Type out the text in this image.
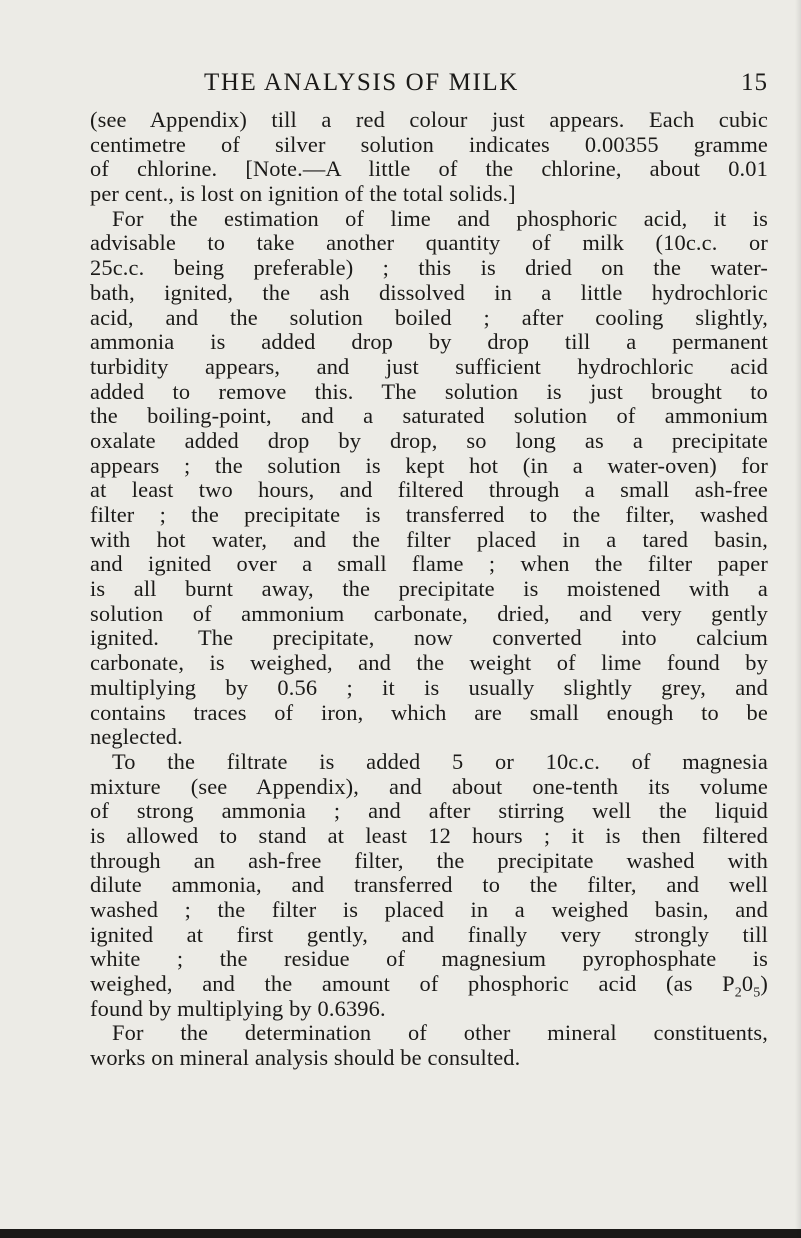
THE ANALYSIS OF MILK	15
(see Appendix) till a red colour just appears. Each cubic
centimetre of silver solution indicates 0.00355 gramme
of chlorine. [Note.—A little of the chlorine, about 0.01
per cent., is lost on ignition of the total solids.]
For the estimation of lime and phosphoric acid, it is
advisable to take another quantity of milk (10c.c. or
25c.c. being preferable) ; this is dried on the water-
bath, ignited, the ash dissolved in a little hydrochloric
acid, and the solution boiled ; after cooling slightly,
ammonia is added drop by drop till a permanent
turbidity appears, and just sufficient hydrochloric acid
added to remove this. The solution is just brought to
the boiling-point, and a saturated solution of ammonium
oxalate added drop by drop, so long as a precipitate
appears ; the solution is kept hot (in a water-oven) for
at least two hours, and filtered through a small ash-free
filter ; the precipitate is transferred to the filter, washed
with hot water, and the filter placed in a tared basin,
and ignited over a small flame ; when the filter paper
is all burnt away, the precipitate is moistened with a
solution of ammonium carbonate, dried, and very gently
ignited. The precipitate, now converted into calcium
carbonate, is weighed, and the weight of lime found by
multiplying by 0.56 ; it is usually slightly grey, and
contains traces of iron, which are small enough to be
neglected.
To the filtrate is added 5 or 10c.c. of magnesia
mixture (see Appendix), and about one-tenth its volume
of strong ammonia ; and after stirring well the liquid
is allowed to stand at least 12 hours ; it is then filtered
through an ash-free filter, the precipitate washed with
dilute ammonia, and transferred to the filter, and well
washed ; the filter is placed in a weighed basin, and
ignited at first gently, and finally very strongly till
white ; the residue of magnesium pyrophosphate is
weighed, and the amount of phosphoric acid (as $P_20_5$)
found by multiplying by 0.6396.
For the determination of other mineral constituents,
works on mineral analysis should be consulted.
